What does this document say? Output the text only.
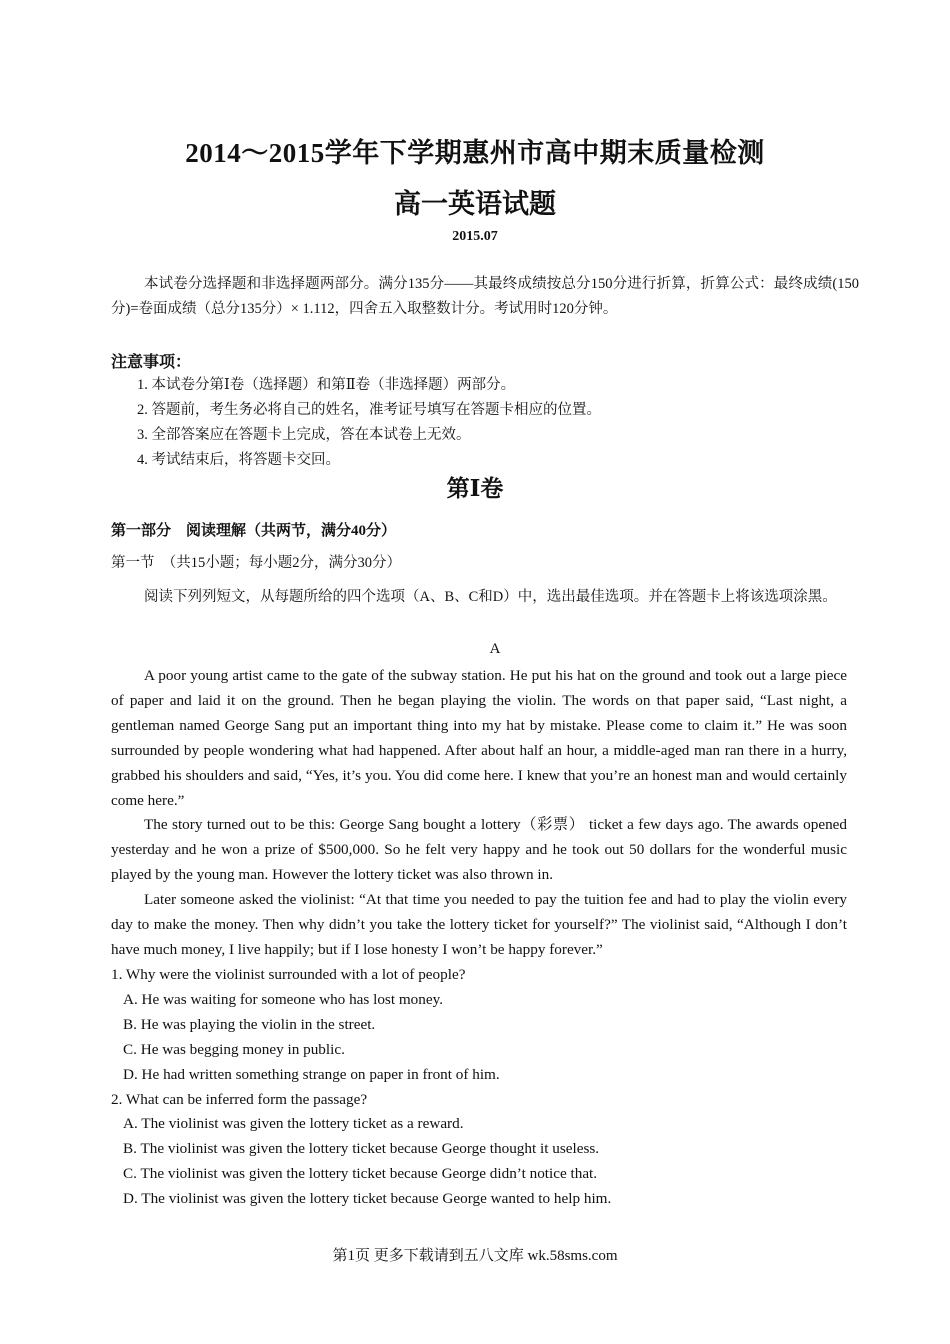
2014～2015学年下学期惠州市高中期末质量检测
高一英语试题
2015.07
本试卷分选择题和非选择题两部分。满分135分——其最终成绩按总分150分进行折算，折算公式：最终成绩(150分)=卷面成绩（总分135分）× 1.112，四舍五入取整数计分。考试用时120分钟。
注意事项：
1. 本试卷分第Ⅰ卷（选择题）和第Ⅱ卷（非选择题）两部分。
2. 答题前，考生务必将自己的姓名，准考证号填写在答题卡相应的位置。
3. 全部答案应在答题卡上完成，答在本试卷上无效。
4. 考试结束后，将答题卡交回。
第Ⅰ卷
第一部分　阅读理解（共两节，满分40分）
第一节　（共15小题；每小题2分，满分30分）
阅读下列列短文，从每题所给的四个选项（A、B、C和D）中，选出最佳选项。并在答题卡上将该选项涂黑。
A

A poor young artist came to the gate of the subway station. He put his hat on the ground and took out a large piece of paper and laid it on the ground. Then he began playing the violin. The words on that paper said, “Last night, a gentleman named George Sang put an important thing into my hat by mistake. Please come to claim it.” He was soon surrounded by people wondering what had happened. After about half an hour, a middle-aged man ran there in a hurry, grabbed his shoulders and said, “Yes, it’s you. You did come here. I knew that you’re an honest man and would certainly come here.”

The story turned out to be this: George Sang bought a lottery（彩票） ticket a few days ago. The awards opened yesterday and he won a prize of $500,000. So he felt very happy and he took out 50 dollars for the wonderful music played by the young man. However the lottery ticket was also thrown in.

Later someone asked the violinist: “At that time you needed to pay the tuition fee and had to play the violin every day to make the money. Then why didn’t you take the lottery ticket for yourself?” The violinist said, “Although I don’t have much money, I live happily; but if I lose honesty I won’t be happy forever.”

1. Why were the violinist surrounded with a lot of people?
A. He was waiting for someone who has lost money.
B. He was playing the violin in the street.
C. He was begging money in public.
D. He had written something strange on paper in front of him.
2. What can be inferred form the passage?
A. The violinist was given the lottery ticket as a reward.
B. The violinist was given the lottery ticket because George thought it useless.
C. The violinist was given the lottery ticket because George didn’t notice that.
D. The violinist was given the lottery ticket because George wanted to help him.
第1页 更多下载请到五八文库 wk.58sms.com
